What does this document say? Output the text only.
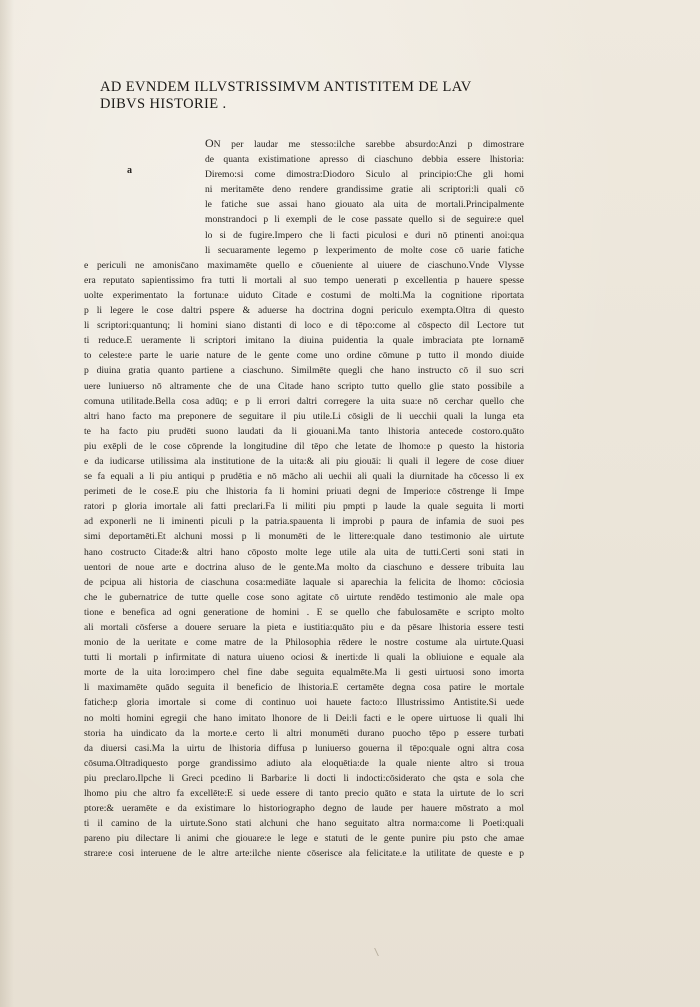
AD EVNDEM ILLVSTRISSIMVM ANTISTITEM DE LAV
DIBVS HISTORIE .
a
ON per laudar me stesso:ilche sarebbe absurdo:Anzi p dimostrare
de quanta existimatione apresso di ciaschuno debbia essere lhistoria:
Diremo:si come dimostra:Diodoro Siculo al principio:Che gli homi
ni meritamēte deno rendere grandissime gratie ali scriptori:li quali cō
le fatiche sue assai hano giouato ala uita de mortali.Principalmente
monstrandoci p li exempli de le cose passate quello si de seguire:e quel
lo si de fugire.Impero che li facti piculosi e duri nō ptinenti anoi:qua
li secuaramente legemo p lexperimento de molte cose cō uarie fatiche
e periculi ne amonisc̄ano maximamēte quello e cōueniente al uiuere de ciaschuno.Vnde Vlysse
era reputato sapientissimo fra tutti li mortali al suo tempo uenerati p excellentia p hauere spesse
uolte experimentato la fortuna:e uiduto Citade e costumi de molti.Ma la cognitione riportata
p li legere le cose daltri pspere & aduerse ha doctrina dogni periculo exempta.Oltra di questo
li scriptori:quantunq; li homini siano distanti di loco e di tēpo:come al cōspecto dil Lectore tut
ti reduce.E ueramente li scriptori imitano la diuina puidentia la quale imbraciata pte lornamē
to celeste:e parte le uarie nature de le gente come uno ordine cōmune p tutto il mondo diuide
p diuina gratia quanto partiene a ciaschuno. Similmēte quegli che hano instructo cō il suo scri
uere luniuerso nō altramente che de una Citade hano scripto tutto quello glie stato possibile a
comuna utilitade.Bella cosa adūq; e p li errori daltri corregere la uita sua:e nō cerchar quello che
altri hano facto ma preponere de seguitare il piu utile.Li cōsigli de li uecchii quali la lunga eta
te ha facto piu prudēti suono laudati da li giouani.Ma tanto lhistoria antecede costoro.quāto
piu exēpli de le cose cōprende la longitudine dil tēpo che letate de lhomo:e p questo la historia
e da iudicarse utilissima ala institutione de la uita:& ali piu giouāi: li quali il legere de cose diuer
se fa equali a li piu antiqui p prudētia e nō mācho ali uechii ali quali la diurnitade ha cōcesso li ex
perimeti de le cose.E piu che lhistoria fa li homini priuati degni de Imperio:e cōstrenge li Impe
ratori p gloria imortale ali fatti preclari.Fa li militi piu pmpti p laude la quale seguita li morti
ad exponerli ne li iminenti piculi p la patria.spauenta li improbi p paura de infamia de suoi pes
simi deportamēti.Et alchuni mossi p li monumēti de le littere:quale dano testimonio ale uirtute
hano costructo Citade:& altri hano cōposto molte lege utile ala uita de tutti.Certi soni stati in
uentori de noue arte e doctrina aluso de le gente.Ma molto da ciaschuno e dessere tribuita lau
de pcipua ali historia de ciaschuna cosa:mediāte laquale si aparechia la felicita de lhomo: cōciosia
che le gubernatrice de tutte quelle cose sono agitate cō uirtute rendēdo testimonio ale male opa
tione e benefica ad ogni generatione de homini . E se quello che fabulosamēte e scripto molto
ali mortali cōsferse a douere seruare la pieta e iustitia:quāto piu e da pēsare lhistoria essere testi
monio de la ueritate e come matre de la Philosophia rēdere le nostre costume ala uirtute.Quasi
tutti li mortali p infirmitate di natura uiueno ociosi & inerti:de li quali la obliuione e equale ala
morte de la uita loro:impero chel fine dabe seguita equalmēte.Ma li gesti uirtuosi sono imorta
li maximamēte quādo seguita il beneficio de lhistoria.E certamēte degna cosa patire le mortale
fatiche:p gloria imortale si come di continuo uoi hauete facto:o Illustrissimo Antistite.Si uede
no molti homini egregii che hano imitato lhonore de li Dei:li facti e le opere uirtuose li quali lhi
storia ha uindicato da la morte.e certo li altri monumēti durano puocho tēpo p essere turbati
da diuersi casi.Ma la uirtu de lhistoria diffusa p luniuerso gouerna il tēpo:quale ogni altra cosa
cōsuma.Oltradiquesto porge grandissimo adiuto ala eloquētia:de la quale niente altro si troua
piu preclaro.Ilpche li Greci pcedino li Barbari:e li docti li indocti:cōsiderato che qsta e sola che
lhomo piu che altro fa excellēte:E si uede essere di tanto precio quāto e stata la uirtute de lo scri
ptore:& ueramēte e da existimare lo historiographo degno de laude per hauere mōstrato a mol
ti il camino de la uirtute.Sono stati alchuni che hano seguitato altra norma:come li Poeti:quali
pareno piu dilectare li animi che giouare:e le lege e statuti de le gente punire piu psto che amae
strare:e cosi interuene de le altre arte:ilche niente cōserisce ala felicitate.e la utilitate de queste e p
